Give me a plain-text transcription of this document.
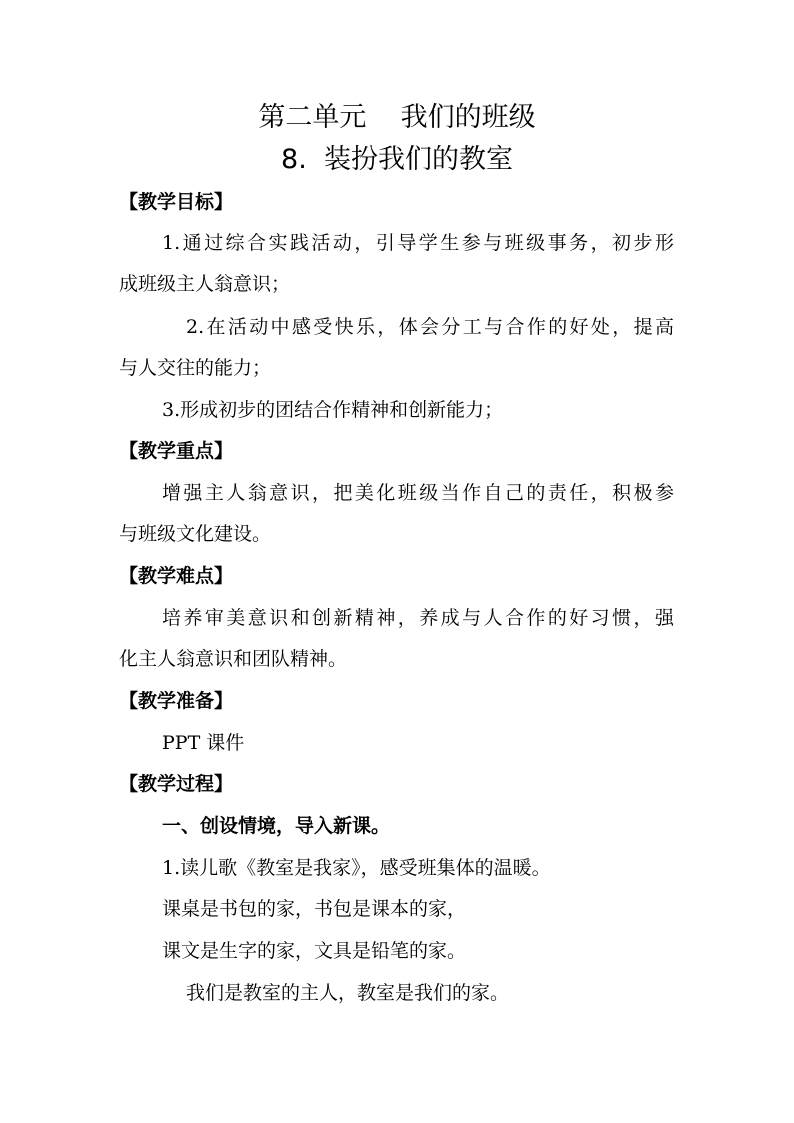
第二单元    我们的班级
8.  装扮我们的教室
【教学目标】
1.通过综合实践活动，引导学生参与班级事务，初步形
成班级主人翁意识；
2.在活动中感受快乐，体会分工与合作的好处，提高
与人交往的能力；
3.形成初步的团结合作精神和创新能力；
【教学重点】
增强主人翁意识，把美化班级当作自己的责任，积极参
与班级文化建设。
【教学难点】
培养审美意识和创新精神，养成与人合作的好习惯，强
化主人翁意识和团队精神。
【教学准备】
PPT 课件
【教学过程】
一、创设情境，导入新课。
1.读儿歌《教室是我家》，感受班集体的温暖。
课桌是书包的家，书包是课本的家，
课文是生字的家，文具是铅笔的家。
我们是教室的主人，教室是我们的家。
